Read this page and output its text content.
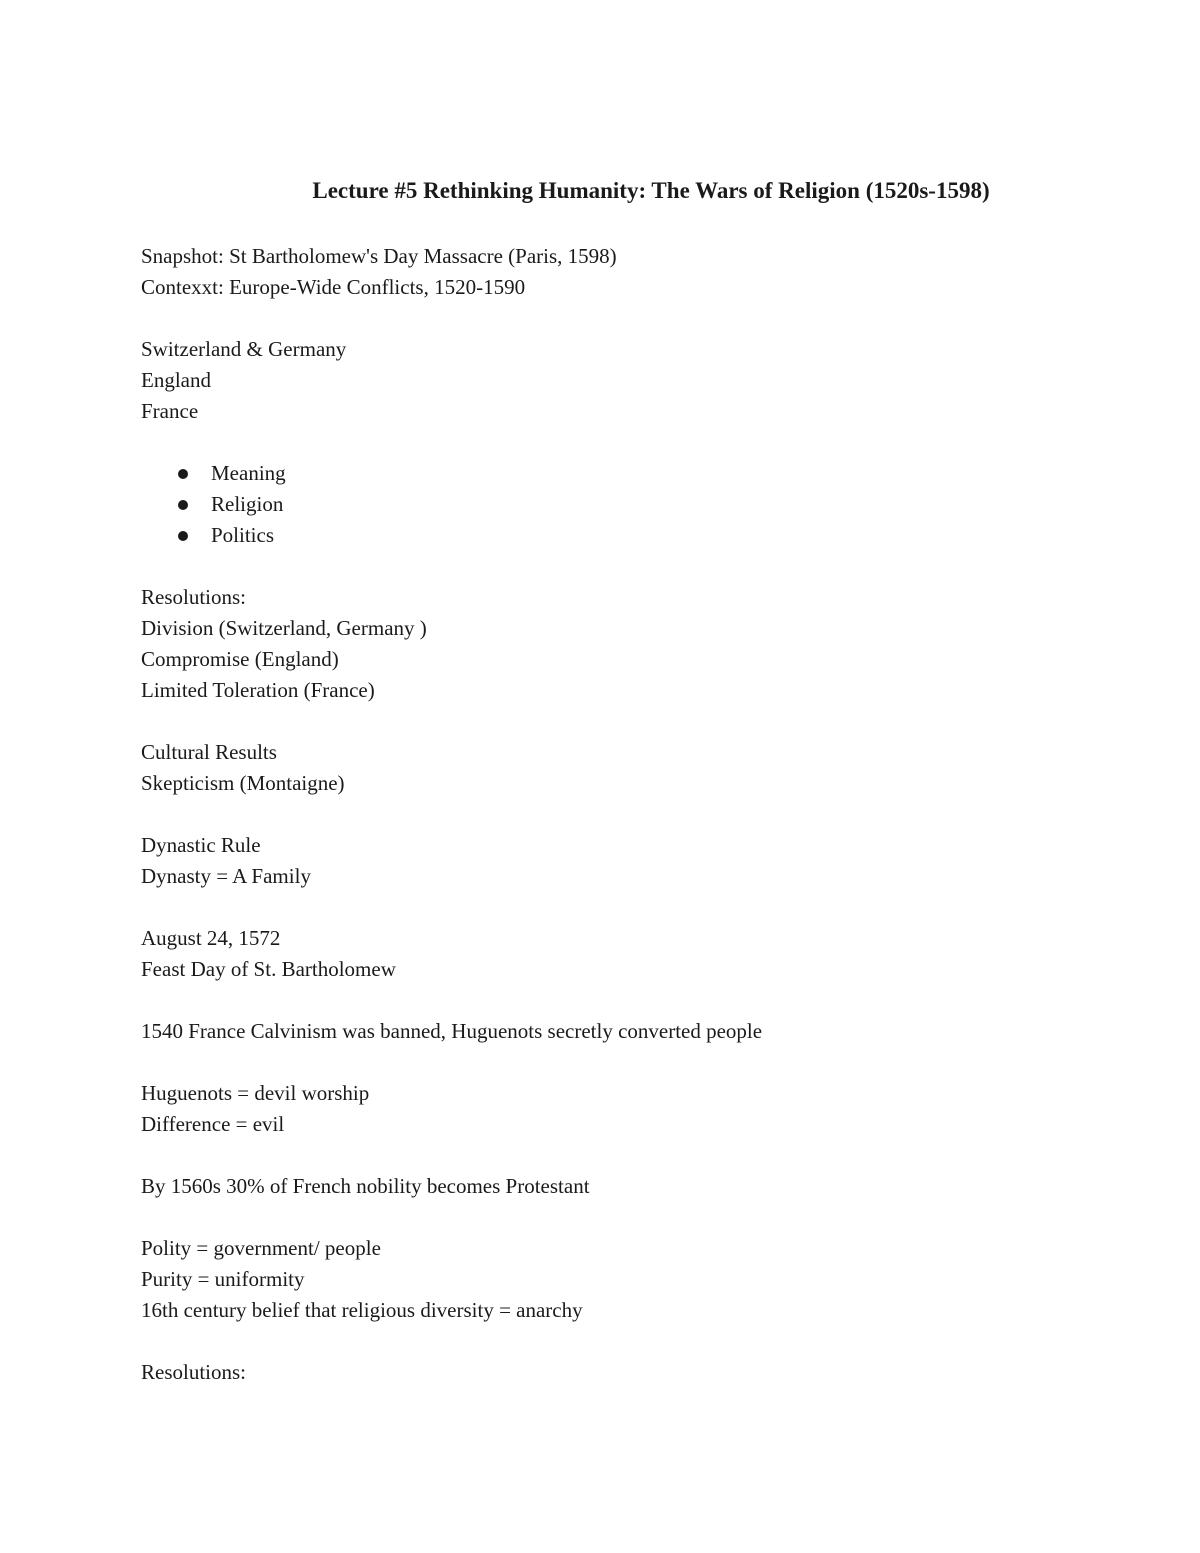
Lecture #5 Rethinking Humanity: The Wars of Religion (1520s-1598)
Snapshot: St Bartholomew's Day Massacre (Paris, 1598)
Contexxt: Europe-Wide Conflicts, 1520-1590
Switzerland & Germany
England
France
Meaning
Religion
Politics
Resolutions:
Division (Switzerland, Germany )
Compromise (England)
Limited Toleration (France)
Cultural Results
Skepticism (Montaigne)
Dynastic Rule
Dynasty = A Family
August 24, 1572
Feast Day of St. Bartholomew
1540 France Calvinism was banned, Huguenots secretly converted people
Huguenots = devil worship
Difference = evil
By 1560s 30% of French nobility becomes Protestant
Polity = government/ people
Purity = uniformity
16th century belief that religious diversity = anarchy
Resolutions:
